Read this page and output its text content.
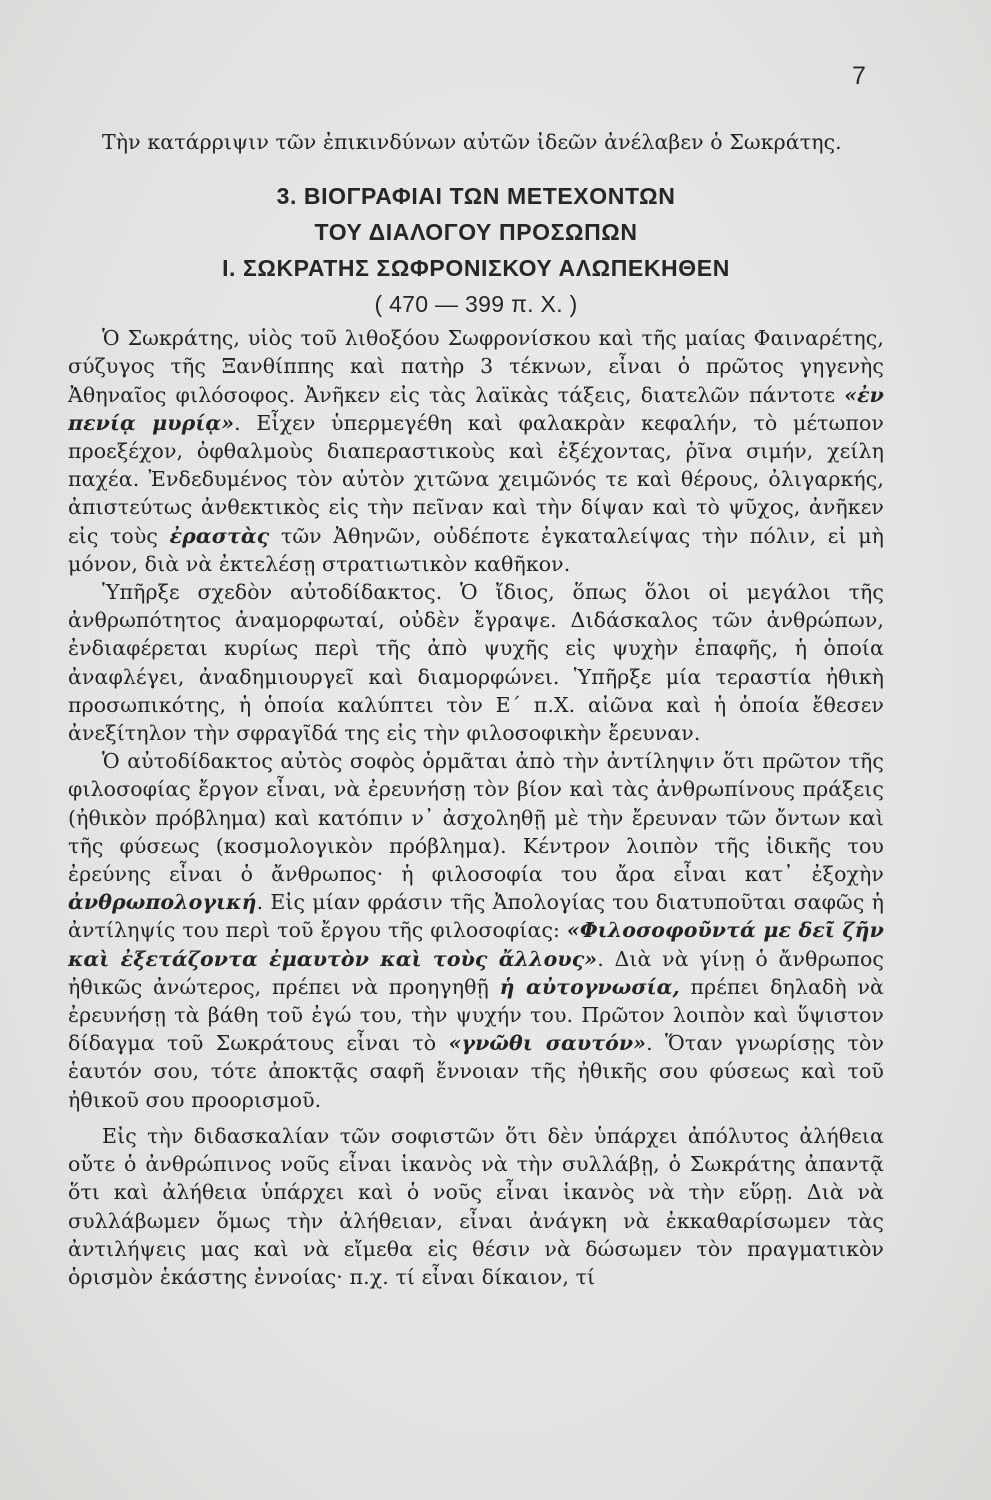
7

Τὴν κατάρριψιν τῶν ἐπικινδύνων αὐτῶν ἰδεῶν ἀνέλαβεν ὁ Σωκράτης.

3. ΒΙΟΓΡΑΦΙΑΙ ΤΩΝ ΜΕΤΕΧΟΝΤΩΝ
ΤΟΥ ΔΙΑΛΟΓΟΥ ΠΡΟΣΩΠΩΝ
Ι. ΣΩΚΡΑΤΗΣ ΣΩΦΡΟΝΙΣΚΟΥ ΑΛΩΠΕΚΗΘΕΝ
( 470 — 399 π. Χ. )

Ὁ Σωκράτης, υἱὸς τοῦ λιθοξόου Σωφρονίσκου καὶ τῆς μαίας Φαιναρέτης, σύζυγος τῆς Ξανθίππης καὶ πατὴρ 3 τέκνων, εἶναι ὁ πρῶτος γηγενὴς Ἀθηναῖος φιλόσοφος. Ἀνῆκεν εἰς τὰς λαϊκὰς τάξεις, διατελῶν πάντοτε «ἐν πενίᾳ μυρίᾳ». Εἶχεν ὑπερμεγέθη καὶ φαλακρὰν κεφαλήν, τὸ μέτωπον προεξέχον, ὀφθαλμοὺς διαπεραστικοὺς καὶ ἐξέχοντας, ῥῖνα σιμήν, χείλη παχέα. Ἐνδεδυμένος τὸν αὐτὸν χιτῶνα χειμῶνός τε καὶ θέρους, ὀλιγαρκής, ἀπιστεύτως ἀνθεκτικὸς εἰς τὴν πεῖναν καὶ τὴν δίψαν καὶ τὸ ψῦχος, ἀνῆκεν εἰς τοὺς ἐραστὰς τῶν Ἀθηνῶν, οὐδέποτε ἐγκαταλείψας τὴν πόλιν, εἰ μὴ μόνον, διὰ νὰ ἐκτελέσῃ στρατιωτικὸν καθῆκον.

Ὑπῆρξε σχεδὸν αὐτοδίδακτος. Ὁ ἴδιος, ὅπως ὅλοι οἱ μεγάλοι τῆς ἀνθρωπότητος ἀναμορφωταί, οὐδὲν ἔγραψε. Διδάσκαλος τῶν ἀνθρώπων, ἐνδιαφέρεται κυρίως περὶ τῆς ἀπὸ ψυχῆς εἰς ψυχὴν ἐπαφῆς, ἡ ὁποία ἀναφλέγει, ἀναδημιουργεῖ καὶ διαμορφώνει. Ὑπῆρξε μία τεραστία ἠθικὴ προσωπικότης, ἡ ὁποία καλύπτει τὸν Ε΄ π.Χ. αἰῶνα καὶ ἡ ὁποία ἔθεσεν ἀνεξίτηλον τὴν σφραγῖδά της εἰς τὴν φιλοσοφικὴν ἔρευναν.

Ὁ αὐτοδίδακτος αὐτὸς σοφὸς ὁρμᾶται ἀπὸ τὴν ἀντίληψιν ὅτι πρῶτον τῆς φιλοσοφίας ἔργον εἶναι, νὰ ἐρευνήσῃ τὸν βίον καὶ τὰς ἀνθρωπίνους πράξεις (ἠθικὸν πρόβλημα) καὶ κατόπιν ν᾽ ἀσχοληθῇ μὲ τὴν ἔρευναν τῶν ὄντων καὶ τῆς φύσεως (κοσμολογικὸν πρόβλημα). Κέντρον λοιπὸν τῆς ἰδικῆς του ἐρεύνης εἶναι ὁ ἄνθρωπος· ἡ φιλοσοφία του ἄρα εἶναι κατ᾽ ἐξοχὴν ἀνθρωπολογική. Εἰς μίαν φράσιν τῆς Ἀπολογίας του διατυποῦται σαφῶς ἡ ἀντίληψίς του περὶ τοῦ ἔργου τῆς φιλοσοφίας: «Φιλοσοφοῦντά με δεῖ ζῆν καὶ ἐξετάζοντα ἐμαυτὸν καὶ τοὺς ἄλλους». Διὰ νὰ γίνῃ ὁ ἄνθρωπος ἠθικῶς ἀνώτερος, πρέπει νὰ προηγηθῇ ἡ αὐτογνωσία, πρέπει δηλαδὴ νὰ ἐρευνήσῃ τὰ βάθη τοῦ ἐγώ του, τὴν ψυχήν του. Πρῶτον λοιπὸν καὶ ὕψιστον δίδαγμα τοῦ Σωκράτους εἶναι τὸ «γνῶθι σαυτόν». Ὅταν γνωρίσῃς τὸν ἑαυτόν σου, τότε ἀποκτᾷς σαφῆ ἔννοιαν τῆς ἠθικῆς σου φύσεως καὶ τοῦ ἠθικοῦ σου προορισμοῦ.

Εἰς τὴν διδασκαλίαν τῶν σοφιστῶν ὅτι δὲν ὑπάρχει ἀπόλυτος ἀλήθεια οὔτε ὁ ἀνθρώπινος νοῦς εἶναι ἱκανὸς νὰ τὴν συλλάβῃ, ὁ Σωκράτης ἀπαντᾷ ὅτι καὶ ἀλήθεια ὑπάρχει καὶ ὁ νοῦς εἶναι ἱκανὸς νὰ τὴν εὕρῃ. Διὰ νὰ συλλάβωμεν ὅμως τὴν ἀλήθειαν, εἶναι ἀνάγκη νὰ ἐκκαθαρίσωμεν τὰς ἀντιλήψεις μας καὶ νὰ εἴμεθα εἰς θέσιν νὰ δώσωμεν τὸν πραγματικὸν ὁρισμὸν ἑκάστης ἐννοίας· π.χ. τί εἶναι δίκαιον, τί
